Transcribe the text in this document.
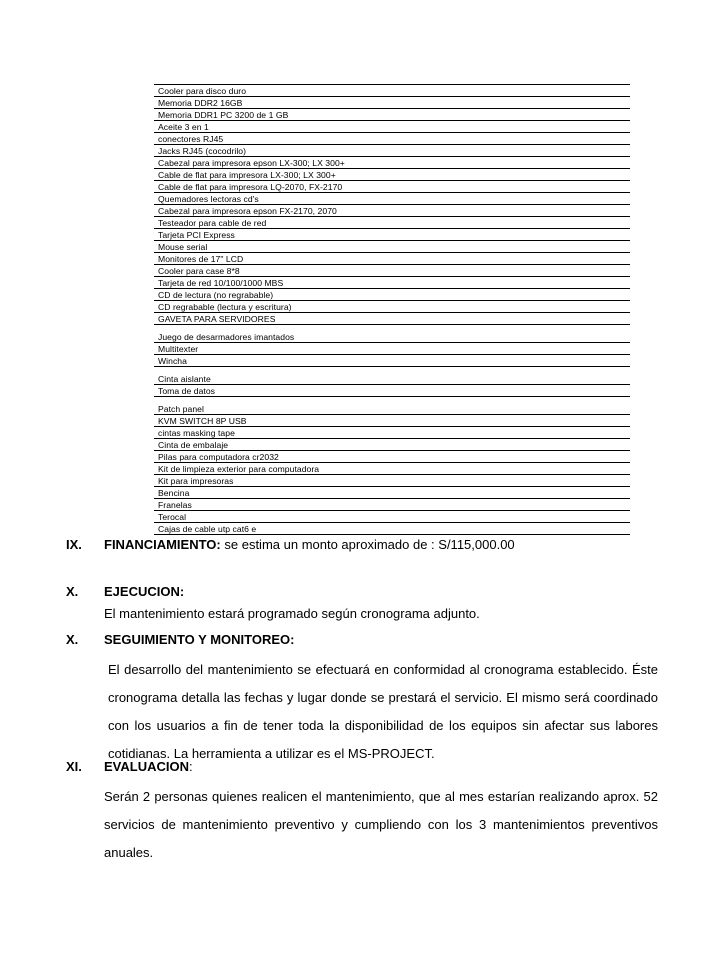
Cooler para disco duro
Memoria DDR2 16GB
Memoria DDR1 PC 3200 de 1 GB
Aceite 3 en 1
conectores RJ45
Jacks RJ45 (cocodrilo)
Cabezal para impresora epson LX-300; LX 300+
Cable de flat para impresora LX-300; LX 300+
Cable de flat para impresora LQ-2070, FX-2170
Quemadores lectoras cd's
Cabezal para impresora epson FX-2170, 2070
Testeador para cable de red
Tarjeta PCI Express
Mouse serial
Monitores de 17" LCD
Cooler para case 8*8
Tarjeta de red 10/100/1000 MBS
CD de lectura (no regrabable)
CD regrabable (lectura y escritura)
GAVETA PARA SERVIDORES
Juego de desarmadores imantados
Multitexter
Wincha
Cinta aislante
Toma de datos
Patch panel
KVM SWITCH 8P USB
cintas masking tape
Cinta de embalaje
Pilas para computadora cr2032
Kit de limpieza exterior para computadora
Kit para impresoras
Bencina
Franelas
Terocal
Cajas de cable utp cat6 e
IX.	FINANCIAMIENTO: se estima un monto aproximado de : S/115,000.00
X.	EJECUCION:
El mantenimiento estará programado según cronograma adjunto.
X.	SEGUIMIENTO Y MONITOREO:
El desarrollo del mantenimiento se efectuará en conformidad al cronograma establecido. Éste cronograma detalla las fechas y lugar donde se prestará el servicio. El mismo será coordinado con los usuarios a fin de tener toda la disponibilidad de los equipos sin afectar sus labores cotidianas. La herramienta a utilizar es el MS-PROJECT.
XI.	EVALUACION :
Serán 2 personas quienes realicen el mantenimiento, que al mes estarían realizando aprox. 52 servicios de mantenimiento preventivo y cumpliendo con los 3 mantenimientos preventivos anuales.
